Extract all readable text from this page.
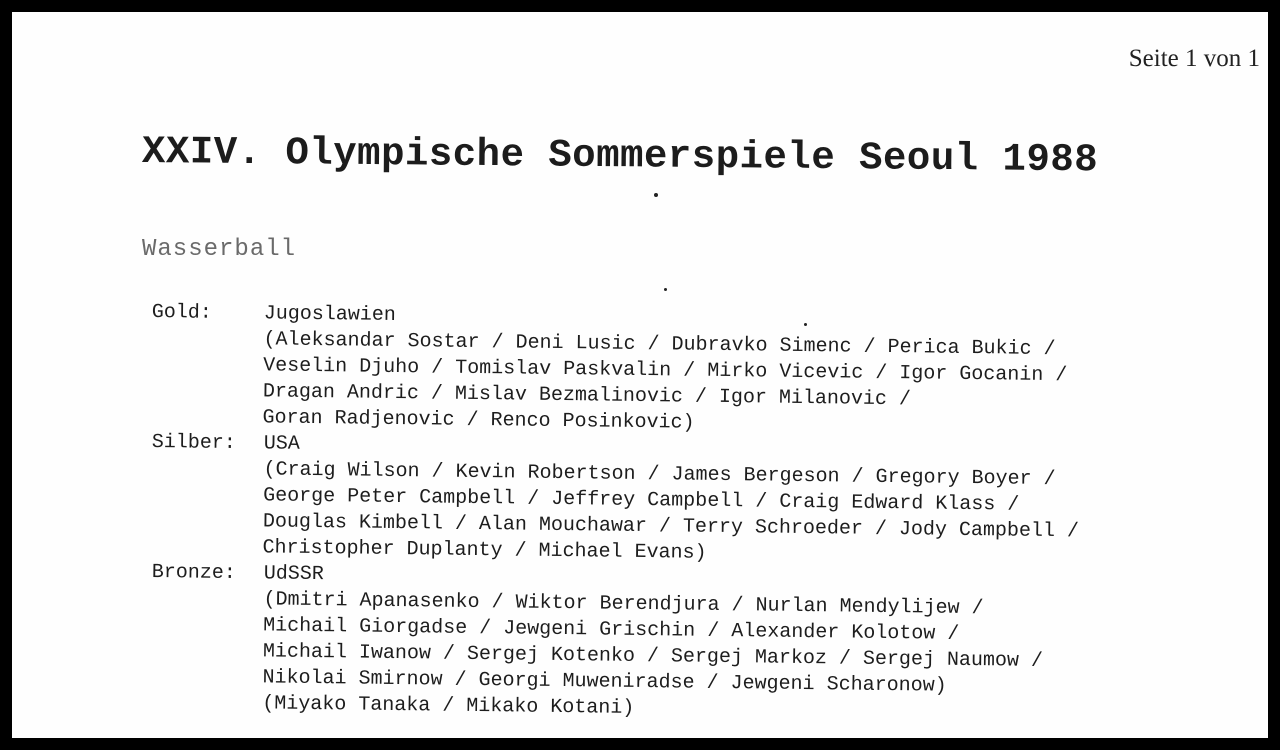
Seite 1 von 1
XXIV. Olympische Sommerspiele Seoul 1988
Wasserball
Gold:	Jugoslawien
(Aleksandar Sostar / Deni Lusic / Dubravko Simenc / Perica Bukic /
Veselin Djuho / Tomislav Paskvalin / Mirko Vicevic / Igor Gocanin /
Dragan Andric / Mislav Bezmalinovic / Igor Milanovic /
Goran Radjenovic / Renco Posinkovic)
Silber:	USA
(Craig Wilson / Kevin Robertson / James Bergeson / Gregory Boyer /
George Peter Campbell / Jeffrey Campbell / Craig Edward Klass /
Douglas Kimbell / Alan Mouchawar / Terry Schroeder / Jody Campbell /
Christopher Duplanty / Michael Evans)
Bronze:	UdSSR
(Dmitri Apanasenko / Wiktor Berendjura / Nurlan Mendylijew /
Michail Giorgadse / Jewgeni Grischin / Alexander Kolotow /
Michail Iwanow / Sergej Kotenko / Sergej Markoz / Sergej Naumow /
Nikolai Smirnow / Georgi Muweniradse / Jewgeni Scharonow)
(Miyako Tanaka / Mikako Kotani)
